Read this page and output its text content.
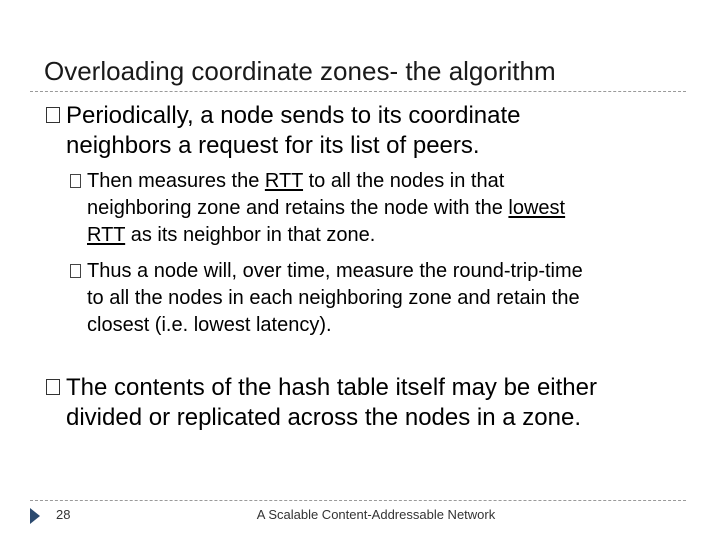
Overloading coordinate zones- the algorithm
Periodically, a node sends to its coordinate
neighbors a request for its list of peers.
Then measures the RTT to all the nodes in that
neighboring zone and retains the node with the lowest
RTT as its neighbor in that zone.
Thus a node will, over time, measure the round-trip-time
to all the nodes in each neighboring zone and retain the
closest (i.e. lowest latency).
The contents of the hash table itself may be either
divided or replicated across the nodes in a zone.
28	A Scalable Content-Addressable Network
